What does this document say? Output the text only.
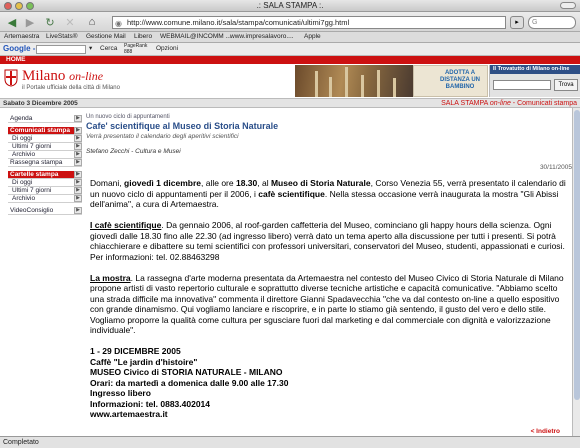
.: SALA STAMPA :.
◀ ▶	↻ ✕	⌂	◉ http://www.comune.milano.it/sala/stampa/comunicati/ultimi7gg.html	▸	G
Artemaestra LiveStats® Gestione Mail Libero WEBMAIL@INCOMM ... www.impresalavoro.... Apple
Google -	▾ Cerca PageRank 888	Opzioni
HOME
Milano on-line
il Portale ufficiale della città di Milano
ADOTTA A DISTANZA UN BAMBINO
Il Trovatutto di Milano on-line
Trova
Sabato 3 Dicembre 2005	SALA STAMPA on-line - Comunicati stampa
Agenda	▶
Comunicati stampa	▶
Di oggi	▶
Ultimi 7 giorni	▶
Archivio	▶
Rassegna stampa	▶
Cartelle stampa	▶
Di oggi	▶
Ultimi 7 giorni	▶
Archivio	▶
VideoConsiglio	▶
Un nuovo ciclo di appuntamenti
Cafe' scientifique al Museo di Storia Naturale
Verrà presentato il calendario degli aperitivi scientifici
Stefano Zecchi - Cultura e Musei
30/11/2005

Domani, giovedì 1 dicembre, alle ore 18.30, al Museo di Storia Naturale, Corso Venezia 55, verrà presentato il calendario di un nuovo ciclo di appuntamenti per il 2006, i cafè scientifique. Nella stessa occasione verrà inaugurata la mostra "Gli Abissi dell'anima", a cura di Artemaestra.

I cafè scientifique. Da gennaio 2006, al roof-garden caffetteria del Museo, cominciano gli happy hours della scienza. Ogni giovedì dalle 18.30 fino alle 22.30 (ad ingresso libero) verrà dato un tema aperto alla discussione per tutti i presenti. Si potrà chiacchierare e dibattere su temi scientifici con professori universitari, conservatori del Museo, studenti, appassionati e curiosi.
Per informazioni: tel. 02.88463298

La mostra. La rassegna d'arte moderna presentata da Artemaestra nel contesto del Museo Civico di Storia Naturale di Milano propone artisti di vasto repertorio culturale e soprattutto diverse tecniche artistiche e capacità comunicative. "Abbiamo scelto una strada difficile ma innovativa" commenta il direttore Gianni Spadavecchia "che va dal contesto on-line a quello espositivo con grande dinamismo. Qui vogliamo lanciare e riscoprire, e in parte lo stiamo già sentendo, il gusto del vero e dello stile. Vogliamo proporre la qualità come cultura per sgusciare fuori dal marketing e dal commerciale con dignità e valorizzazione individuale".

1 - 29 DICEMBRE 2005
Caffè "Le jardin d'histoire"
MUSEO Civico di STORIA NATURALE - MILANO
Orari: da martedì a domenica dalle 9.00 alle 17.30
Ingresso libero
Informazioni: tel. 0883.402014
www.artemaestra.it
< Indietro
Completato
